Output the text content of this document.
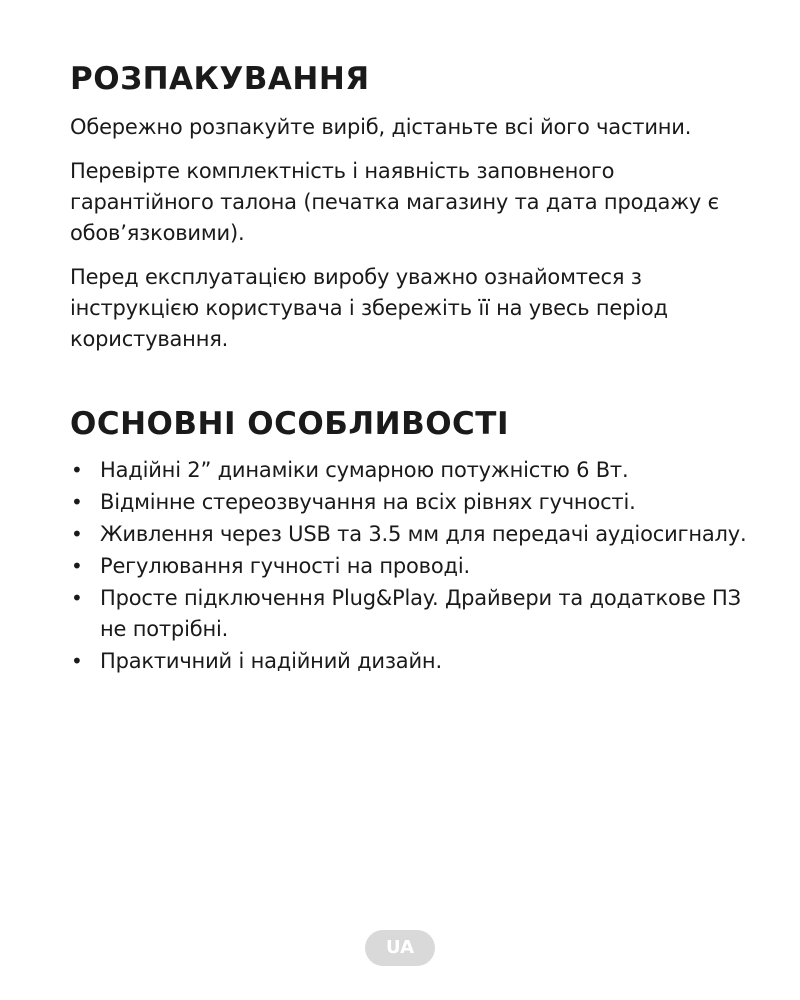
РОЗПАКУВАННЯ

Обережно розпакуйте виріб, дістаньте всі його частини.

Перевірте комплектність і наявність заповненого гарантійного талона (печатка магазину та дата продажу є обов’язковими).

Перед експлуатацією виробу уважно ознайомтеся з інструкцією користувача і збережіть її на увесь період користування.

ОСНОВНІ ОСОБЛИВОСТІ
• Надійні 2” динаміки сумарною потужністю 6 Вт.
• Відмінне стереозвучання на всіх рівнях гучності.
• Живлення через USB та 3.5 мм для передачі аудіосигналу.
• Регулювання гучності на проводі.
• Просте підключення Plug&Play. Драйвери та додаткове ПЗ не потрібні.
• Практичний і надійний дизайн.
UA
